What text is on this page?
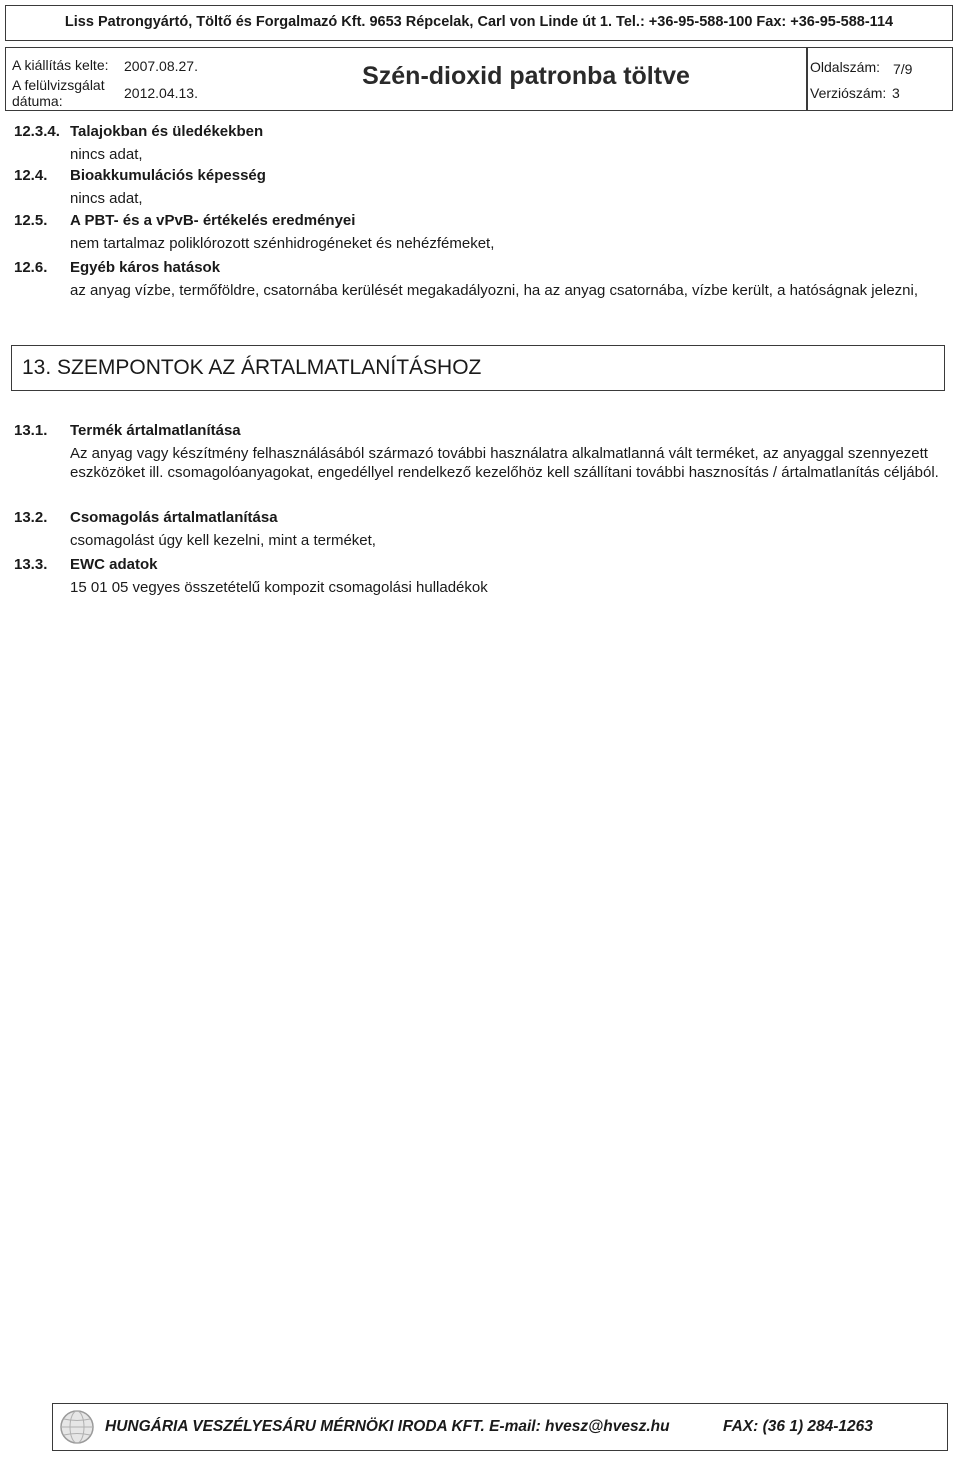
Liss Patrongyártó, Töltő és Forgalmazó Kft. 9653 Répcelak, Carl von Linde út 1. Tel.: +36-95-588-100 Fax: +36-95-588-114
A kiállítás kelte: 2007.08.27.
A felülvizsgálat
dátuma:	2012.04.13.
Szén-dioxid patronba töltve	Oldalszám: 7/9
Verziószám: 3
12.3.4. Talajokban és üledékekben
nincs adat,
12.4. Bioakkumulációs képesség
nincs adat,
12.5. A PBT- és a vPvB- értékelés eredményei
nem tartalmaz poliklórozott szénhidrogéneket és nehézfémeket,
12.6. Egyéb káros hatások
az anyag vízbe, termőföldre, csatornába kerülését megakadályozni, ha az anyag csatornába, vízbe került, a hatóságnak jelezni,
13. SZEMPONTOK AZ ÁRTALMATLANÍTÁSHOZ
13.1. Termék ártalmatlanítása
Az anyag vagy készítmény felhasználásából származó további használatra alkalmatlanná vált terméket, az anyaggal szennyezett eszközöket ill. csomagolóanyagokat, engedéllyel rendelkező kezelőhöz kell szállítani további hasznosítás / ártalmatlanítás céljából.
13.2. Csomagolás ártalmatlanítása
csomagolást úgy kell kezelni, mint a terméket,
13.3. EWC adatok
15 01 05 vegyes összetételű kompozit csomagolási hulladékok
HUNGÁRIA VESZÉLYESÁRU MÉRNÖKI IRODA KFT. E-mail: hvesz@hvesz.hu	FAX: (36 1) 284-1263
